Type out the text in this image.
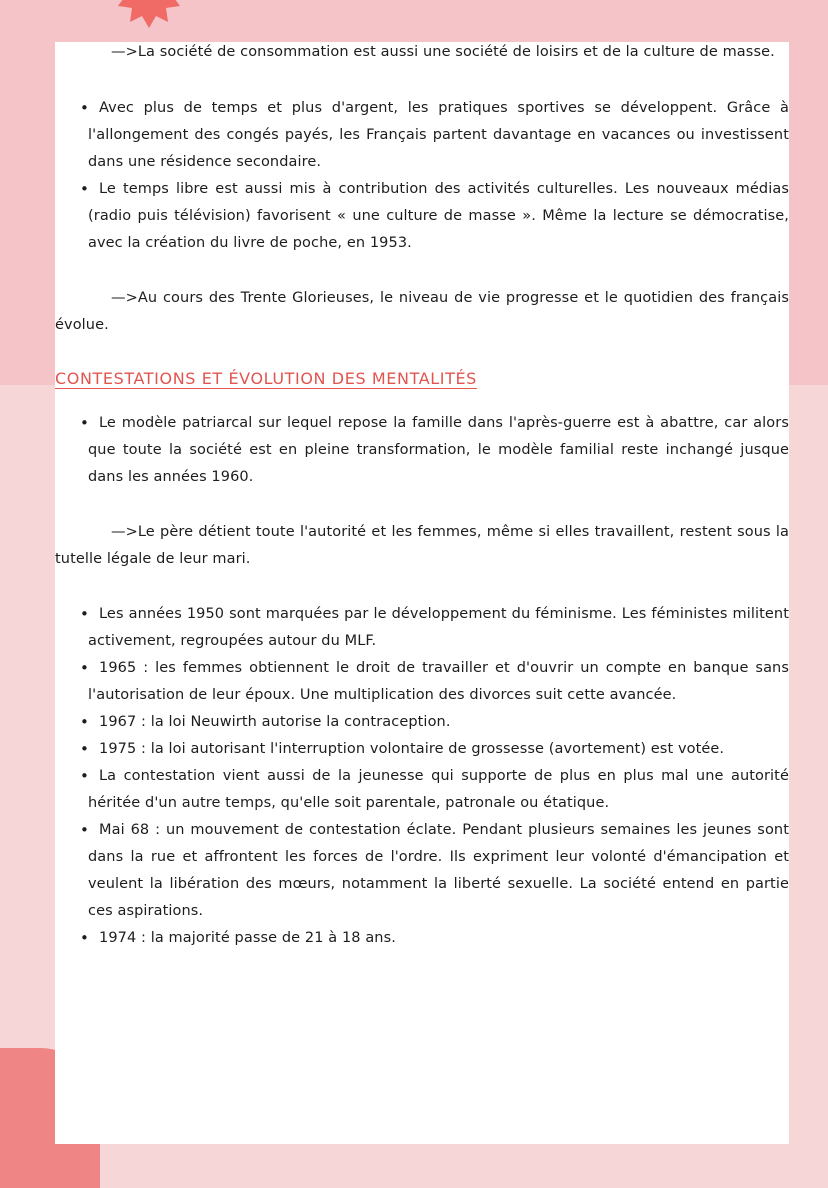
—>La société de consommation est aussi une société de loisirs et de la culture de masse.

• Avec plus de temps et plus d'argent, les pratiques sportives se développent. Grâce à l'allongement des congés payés, les Français partent davantage en vacances ou investissent dans une résidence secondaire.
• Le temps libre est aussi mis à contribution des activités culturelles. Les nouveaux médias (radio puis télévision) favorisent « une culture de masse ». Même la lecture se démocratise, avec la création du livre de poche, en 1953.

—>Au cours des Trente Glorieuses, le niveau de vie progresse et le quotidien des français évolue.

CONTESTATIONS ET ÉVOLUTION DES MENTALITÉS
• Le modèle patriarcal sur lequel repose la famille dans l'après-guerre est à abattre, car alors que toute la société est en pleine transformation, le modèle familial reste inchangé jusque dans les années 1960.

—>Le père détient toute l'autorité et les femmes, même si elles travaillent, restent sous la tutelle légale de leur mari.

• Les années 1950 sont marquées par le développement du féminisme. Les féministes militent activement, regroupées autour du MLF.
• 1965 : les femmes obtiennent le droit de travailler et d'ouvrir un compte en banque sans l'autorisation de leur époux. Une multiplication des divorces suit cette avancée.
• 1967 : la loi Neuwirth autorise la contraception.
• 1975 : la loi autorisant l'interruption volontaire de grossesse (avortement) est votée.
• La contestation vient aussi de la jeunesse qui supporte de plus en plus mal une autorité héritée d'un autre temps, qu'elle soit parentale, patronale ou étatique.
• Mai 68 : un mouvement de contestation éclate. Pendant plusieurs semaines les jeunes sont dans la rue et affrontent les forces de l'ordre. Ils expriment leur volonté d'émancipation et veulent la libération des mœurs, notamment la liberté sexuelle. La société entend en partie ces aspirations.
• 1974 : la majorité passe de 21 à 18 ans.
